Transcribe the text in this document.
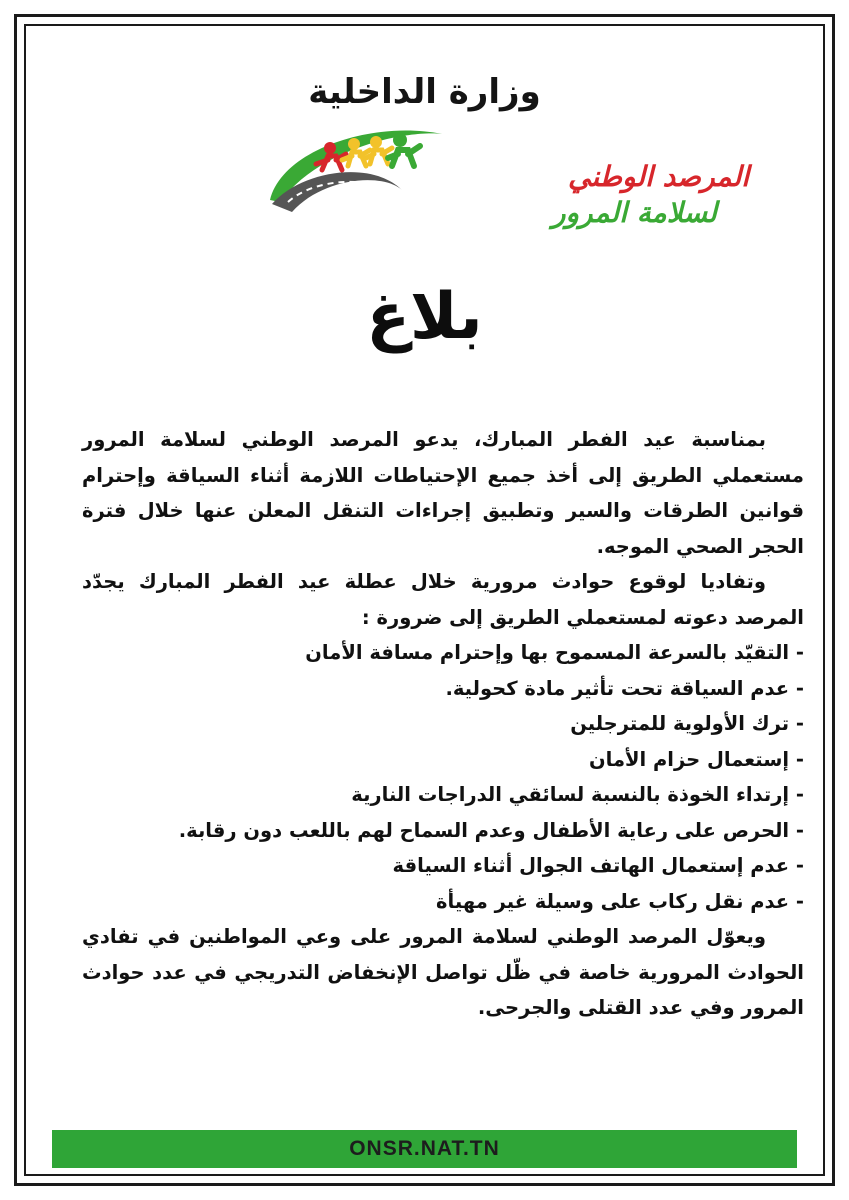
وزارة الداخلية
المرصد الوطني
لسلامة المرور
بلاغ

بمناسبة عيد الفطر المبارك، يدعو المرصد الوطني لسلامة المرور مستعملي الطريق إلى أخذ جميع الإحتياطات اللازمة أثناء السياقة وإحترام قوانين الطرقات والسير وتطبيق إجراءات التنقل المعلن عنها خلال فترة الحجر الصحي الموجه.

وتفاديا لوقوع حوادث مرورية خلال عطلة عيد الفطر المبارك يجدّد المرصد دعوته لمستعملي الطريق إلى ضرورة :

- التقيّد بالسرعة المسموح بها وإحترام مسافة الأمان
- عدم السياقة تحت تأثير مادة كحولية.
- ترك الأولوية للمترجلين
- إستعمال حزام الأمان
- إرتداء الخوذة بالنسبة لسائقي الدراجات النارية
- الحرص على رعاية الأطفال وعدم السماح لهم باللعب دون رقابة.
- عدم إستعمال الهاتف الجوال أثناء السياقة
- عدم نقل ركاب على وسيلة غير مهيأة

ويعوّل المرصد الوطني لسلامة المرور على وعي المواطنين في تفادي الحوادث المرورية خاصة في ظّل تواصل الإنخفاض التدريجي في عدد حوادث المرور وفي عدد القتلى والجرحى.

ONSR.NAT.TN
